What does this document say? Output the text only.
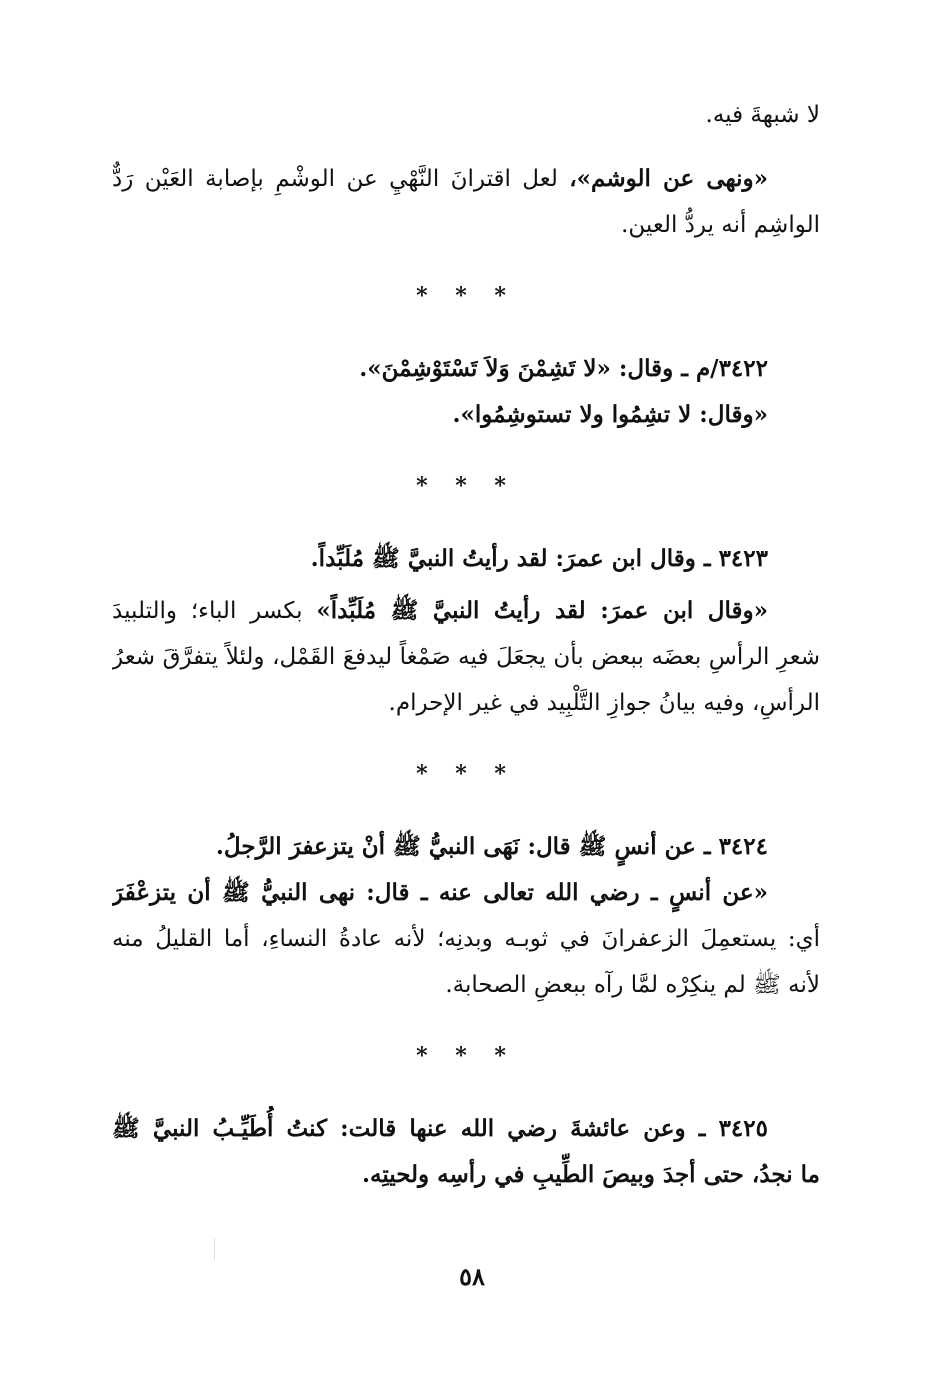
لا شبهةَ فيه.

«ونهى عن الوشم»، لعل اقترانَ النَّهْيِ عن الوشْمِ بإصابة العَيْن رَدٌّ

الواشِم أنه يردُّ العين.

* * *

٣٤٢٢/م ـ وقال: «لا تَشِمْنَ وَلاَ تَسْتَوْشِمْنَ».

«وقال: لا تشِمُوا ولا تستوشِمُوا».

* * *

٣٤٢٣ ـ وقال ابن عمرَ: لقد رأيتُ النبيَّ ﷺ مُلَبِّداً.

«وقال ابن عمرَ: لقد رأيتُ النبيَّ ﷺ مُلَبِّداً» بكسر الباء؛ والتلبيدَ

شعرِ الرأسِ بعضَه ببعض بأن يجعَلَ فيه صَمْغاً ليدفعَ القَمْل، ولئلاً يتفرَّقَ شعرُ

الرأسِ، وفيه بيانُ جوازِ التَّلْبِيد في غير الإحرام.

* * *

٣٤٢٤ ـ عن أنسٍ ﷺ قال: نَهَى النبيُّ ﷺ أنْ يتزعفرَ الرَّجلُ.

«عن أنسٍ ـ رضي الله تعالى عنه ـ قال: نهى النبيُّ ﷺ أن يتزعْفَرَ

أي: يستعمِلَ الزعفرانَ في ثوبـه وبدنِه؛ لأنه عادةُ النساءِ، أما القليلُ منه

لأنه ﷺ لم ينكِرْه لمَّا رآه ببعضِ الصحابة.

* * *

٣٤٢٥ ـ وعن عائشةَ رضي الله عنها قالت: كنتُ أُطَيِّـبُ النبيَّ ﷺ

ما نجدُ، حتى أجدَ وبيصَ الطِّيبِ في رأسِه ولحيتِه.

٥٨
